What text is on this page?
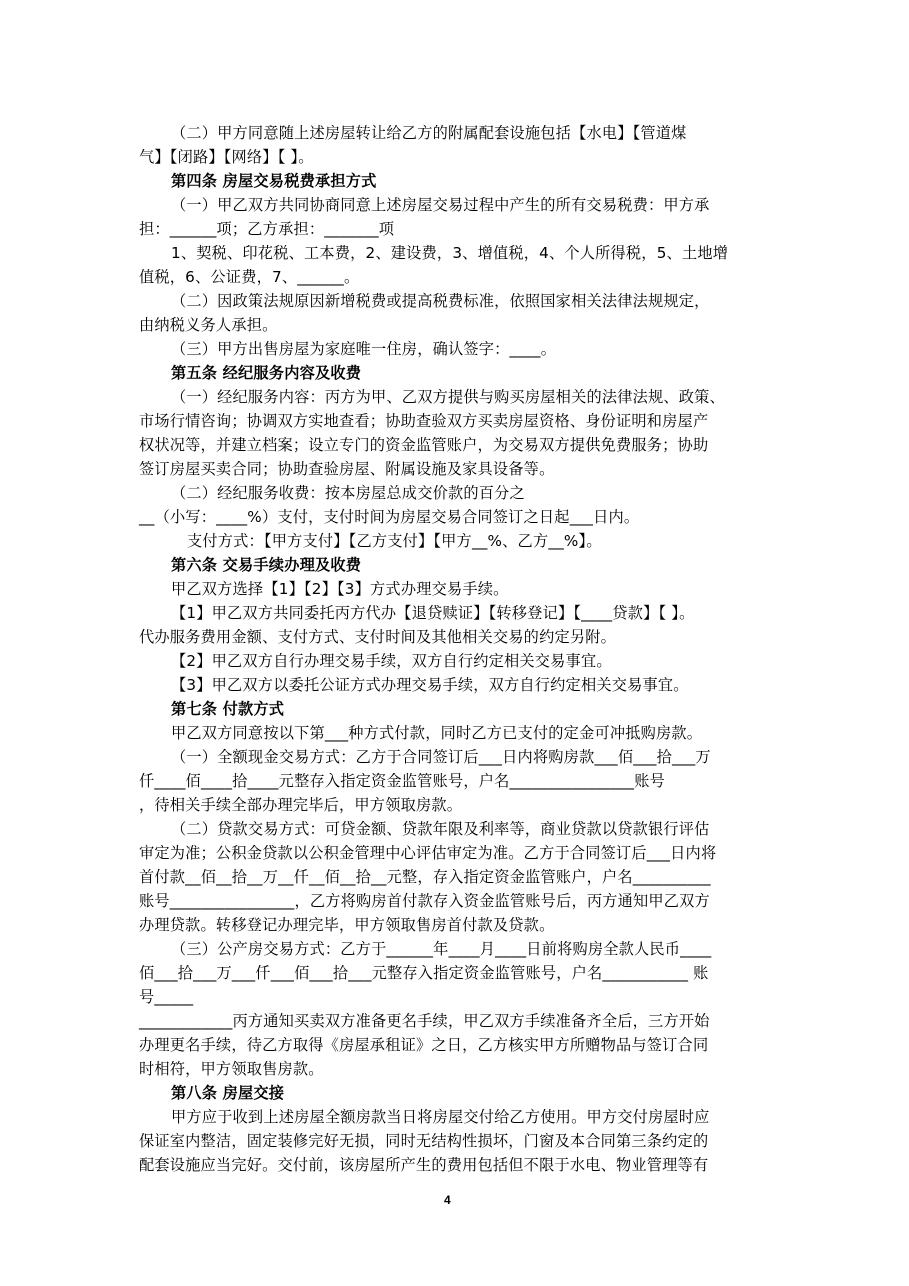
（二）甲方同意随上述房屋转让给乙方的附属配套设施包括【水电】【管道煤
气】【闭路】【网络】【 】。
第四条 房屋交易税费承担方式
（一）甲乙双方共同协商同意上述房屋交易过程中产生的所有交易税费：甲方承
担：______项；乙方承担：_______项
1、契税、印花税、工本费，2、建设费，3、增值税，4、个人所得税，5、土地增
值税，6、公证费，7、______。
（二）因政策法规原因新增税费或提高税费标准，依照国家相关法律法规规定，
由纳税义务人承担。
（三）甲方出售房屋为家庭唯一住房，确认签字：____。
第五条 经纪服务内容及收费
（一）经纪服务内容：丙方为甲、乙双方提供与购买房屋相关的法律法规、政策、
市场行情咨询；协调双方实地查看；协助查验双方买卖房屋资格、身份证明和房屋产
权状况等，并建立档案；设立专门的资金监管账户，为交易双方提供免费服务；协助
签订房屋买卖合同；协助查验房屋、附属设施及家具设备等。
（二）经纪服务收费：按本房屋总成交价款的百分之
__（小写：____%）支付，支付时间为房屋交易合同签订之日起___日内。
支付方式：【甲方支付】【乙方支付】【甲方__%、乙方__%】。
第六条 交易手续办理及收费
甲乙双方选择【1】【2】【3】方式办理交易手续。
【1】甲乙双方共同委托丙方代办【退贷赎证】【转移登记】【____贷款】【 】。
代办服务费用金额、支付方式、支付时间及其他相关交易的约定另附。
【2】甲乙双方自行办理交易手续，双方自行约定相关交易事宜。
【3】甲乙双方以委托公证方式办理交易手续，双方自行约定相关交易事宜。
第七条 付款方式
甲乙双方同意按以下第___种方式付款，同时乙方已支付的定金可冲抵购房款。
（一）全额现金交易方式：乙方于合同签订后___日内将购房款___佰___拾___万
仟____佰____拾____元整存入指定资金监管账号，户名________________账号
，待相关手续全部办理完毕后，甲方领取房款。
（二）贷款交易方式：可贷金额、贷款年限及利率等，商业贷款以贷款银行评估
审定为准；公积金贷款以公积金管理中心评估审定为准。乙方于合同签订后___日内将
首付款__佰__拾__万__仟__佰__拾__元整，存入指定资金监管账户，户名__________
账号________________，乙方将购房首付款存入资金监管账号后，丙方通知甲乙双方
办理贷款。转移登记办理完毕，甲方领取售房首付款及贷款。
（三）公产房交易方式：乙方于______年____月____日前将购房全款人民币____
佰___拾___万___仟___佰___拾___元整存入指定资金监管账号，户名___________ 账
号_____
____________丙方通知买卖双方准备更名手续，甲乙双方手续准备齐全后，三方开始
办理更名手续，待乙方取得《房屋承租证》之日，乙方核实甲方所赠物品与签订合同
时相符，甲方领取售房款。
第八条 房屋交接
甲方应于收到上述房屋全额房款当日将房屋交付给乙方使用。甲方交付房屋时应
保证室内整洁，固定装修完好无损，同时无结构性损坏，门窗及本合同第三条约定的
配套设施应当完好。交付前，该房屋所产生的费用包括但不限于水电、物业管理等有
4
